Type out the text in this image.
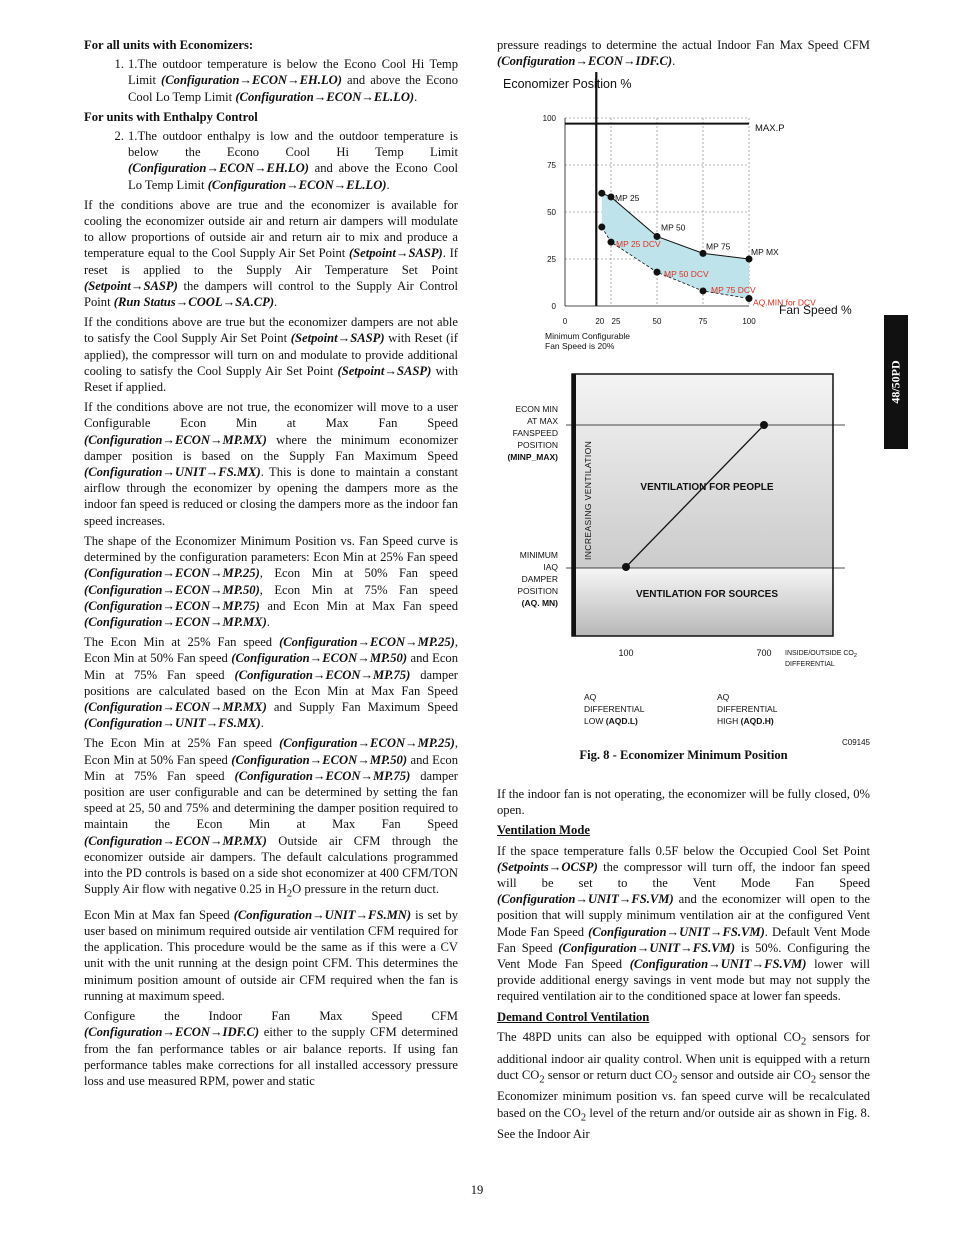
For all units with Economizers:

1. 1.The outdoor temperature is below the Econo Cool Hi Temp Limit (Configuration→ECON→EH.LO) and above the Econo Cool Lo Temp Limit (Configuration→ECON→EL.LO).

For units with Enthalpy Control

2. 1.The outdoor enthalpy is low and the outdoor temperature is below the Econo Cool Hi Temp Limit (Configuration→ECON→EH.LO) and above the Econo Cool Lo Temp Limit (Configuration→ECON→EL.LO).

If the conditions above are true and the economizer is available for cooling the economizer outside air and return air dampers will modulate to allow proportions of outside air and return air to mix and produce a temperature equal to the Cool Supply Air Set Point (Setpoint→SASP). If reset is applied to the Supply Air Temperature Set Point (Setpoint→SASP) the dampers will control to the Supply Air Control Point (Run Status→COOL→SA.CP).

If the conditions above are true but the economizer dampers are not able to satisfy the Cool Supply Air Set Point (Setpoint→SASP) with Reset (if applied), the compressor will turn on and modulate to provide additional cooling to satisfy the Cool Supply Air Set Point (Setpoint→SASP) with Reset if applied.

If the conditions above are not true, the economizer will move to a user Configurable Econ Min at Max Fan Speed (Configuration→ECON→MP.MX) where the minimum economizer damper position is based on the Supply Fan Maximum Speed (Configuration→UNIT→FS.MX). This is done to maintain a constant airflow through the economizer by opening the dampers more as the indoor fan speed is reduced or closing the dampers more as the indoor fan speed increases.

The shape of the Economizer Minimum Position vs. Fan Speed curve is determined by the configuration parameters: Econ Min at 25% Fan speed (Configuration→ECON→MP.25), Econ Min at 50% Fan speed (Configuration→ECON→MP.50), Econ Min at 75% Fan speed (Configuration→ECON→MP.75) and Econ Min at Max Fan speed (Configuration→ECON→MP.MX).

The Econ Min at 25% Fan speed (Configuration→ECON→MP.25), Econ Min at 50% Fan speed (Configuration→ECON→MP.50) and Econ Min at 75% Fan speed (Configuration→ECON→MP.75) damper positions are calculated based on the Econ Min at Max Fan Speed (Configuration→ECON→MP.MX) and Supply Fan Maximum Speed (Configuration→UNIT→FS.MX).

The Econ Min at 25% Fan speed (Configuration→ECON→MP.25), Econ Min at 50% Fan speed (Configuration→ECON→MP.50) and Econ Min at 75% Fan speed (Configuration→ECON→MP.75) damper position are user configurable and can be determined by setting the fan speed at 25, 50 and 75% and determining the damper position required to maintain the Econ Min at Max Fan Speed (Configuration→ECON→MP.MX) Outside air CFM through the economizer outside air dampers. The default calculations programmed into the PD controls is based on a side shot economizer at 400 CFM/TON Supply Air flow with negative 0.25 in $H_2O$ pressure in the return duct.

Econ Min at Max fan Speed (Configuration→UNIT→FS.MN) is set by user based on minimum required outside air ventilation CFM required for the application. This procedure would be the same as if this were a CV unit with the unit running at the design point CFM. This determines the minimum position amount of outside air CFM required when the fan is running at maximum speed.

Configure the Indoor Fan Max Speed CFM (Configuration→ECON→IDF.C) either to the supply CFM determined from the fan performance tables or air balance reports. If using fan performance tables make corrections for all installed accessory pressure loss and use measured RPM, power and static

pressure readings to determine the actual Indoor Fan Max Speed CFM (Configuration→ECON→IDF.C).

Economizer Position %
100
75
50
25
0
0	20 25	50	75	100
MP 25
MP 50
MP 75
MP MX
MP 25 DCV
MP 50 DCV
MP 75 DCV
AQ.MIN for DCV
MAX.P
Fan Speed %
Minimum Configurable
Fan Speed is 20%
INCREASING VENTILATION	VENTILATION FOR PEOPLE
VENTILATION FOR SOURCES
ECON MIN
AT MAX
FANSPEED
POSITION
(MINP_MAX)
MINIMUM
IAQ
DAMPER
POSITION
(AQ. MN)
100	700 INSIDE/OUTSIDE $CO_2$
DIFFERENTIAL
AQ
DIFFERENTIAL
LOW (AQD.L)
AQ
DIFFERENTIAL
HIGH (AQD.H)
C09145
Fig. 8 - Economizer Minimum Position

If the indoor fan is not operating, the economizer will be fully closed, 0% open.

Ventilation Mode

If the space temperature falls 0.5F below the Occupied Cool Set Point (Setpoints→OCSP) the compressor will turn off, the indoor fan speed will be set to the Vent Mode Fan Speed (Configuration→UNIT→FS.VM) and the economizer will open to the position that will supply minimum ventilation air at the configured Vent Mode Fan Speed (Configuration→UNIT→FS.VM). Default Vent Mode Fan Speed (Configuration→UNIT→FS.VM) is 50%. Configuring the Vent Mode Fan Speed (Configuration→UNIT→FS.VM) lower will provide additional energy savings in vent mode but may not supply the required ventilation air to the conditioned space at lower fan speeds.

Demand Control Ventilation

The 48PD units can also be equipped with optional $CO_2$ sensors for additional indoor air quality control. When unit is equipped with a return duct $CO_2$ sensor or return duct $CO_2$ sensor and outside air $CO_2$ sensor the Economizer minimum position vs. fan speed curve will be recalculated based on the $CO_2$ level of the return and/or outside air as shown in Fig. 8. See the Indoor Air

48/50PD
19
